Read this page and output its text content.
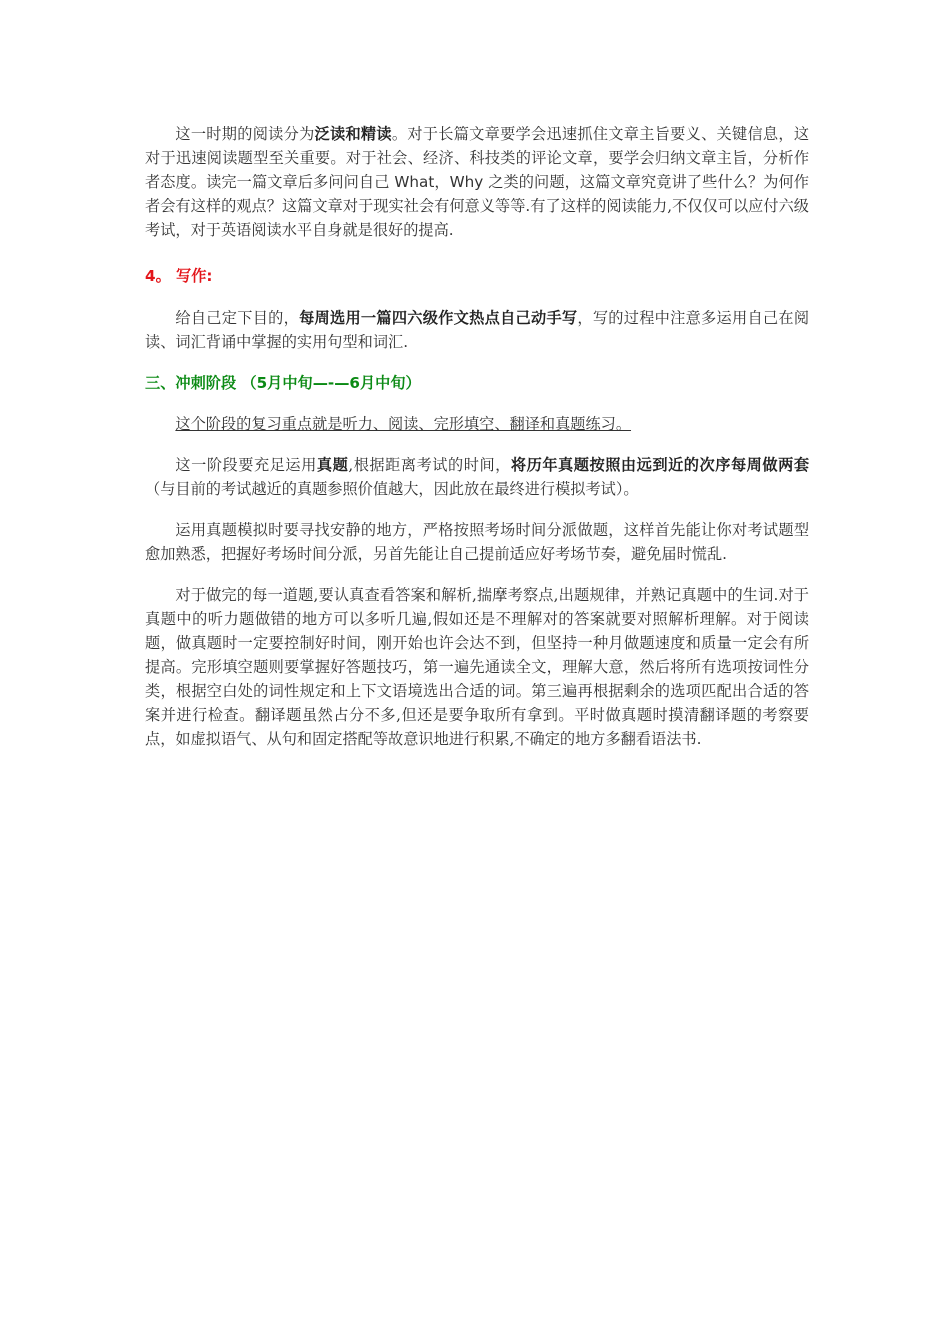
这一时期的阅读分为泛读和精读。对于长篇文章要学会迅速抓住文章主旨要义、关键信息，这对于迅速阅读题型至关重要。对于社会、经济、科技类的评论文章，要学会归纳文章主旨，分析作者态度。读完一篇文章后多问问自己 What，Why 之类的问题，这篇文章究竟讲了些什么？为何作者会有这样的观点？这篇文章对于现实社会有何意义等等.有了这样的阅读能力,不仅仅可以应付六级考试，对于英语阅读水平自身就是很好的提高.

4。 写作:

给自己定下目的，每周选用一篇四六级作文热点自己动手写，写的过程中注意多运用自己在阅读、词汇背诵中掌握的实用句型和词汇.

三、冲刺阶段 （5月中旬—-—6月中旬）

这个阶段的复习重点就是听力、阅读、完形填空、翻译和真题练习。

这一阶段要充足运用真题,根据距离考试的时间，将历年真题按照由远到近的次序每周做两套（与目前的考试越近的真题参照价值越大，因此放在最终进行模拟考试）。

运用真题模拟时要寻找安静的地方，严格按照考场时间分派做题，这样首先能让你对考试题型愈加熟悉，把握好考场时间分派，另首先能让自己提前适应好考场节奏，避免届时慌乱.

对于做完的每一道题,要认真查看答案和解析,揣摩考察点,出题规律，并熟记真题中的生词.对于真题中的听力题做错的地方可以多听几遍,假如还是不理解对的答案就要对照解析理解。对于阅读题，做真题时一定要控制好时间，刚开始也许会达不到，但坚持一种月做题速度和质量一定会有所提高。完形填空题则要掌握好答题技巧，第一遍先通读全文，理解大意，然后将所有选项按词性分类，根据空白处的词性规定和上下文语境选出合适的词。第三遍再根据剩余的选项匹配出合适的答案并进行检查。翻译题虽然占分不多,但还是要争取所有拿到。平时做真题时摸清翻译题的考察要点，如虚拟语气、从句和固定搭配等故意识地进行积累,不确定的地方多翻看语法书.
